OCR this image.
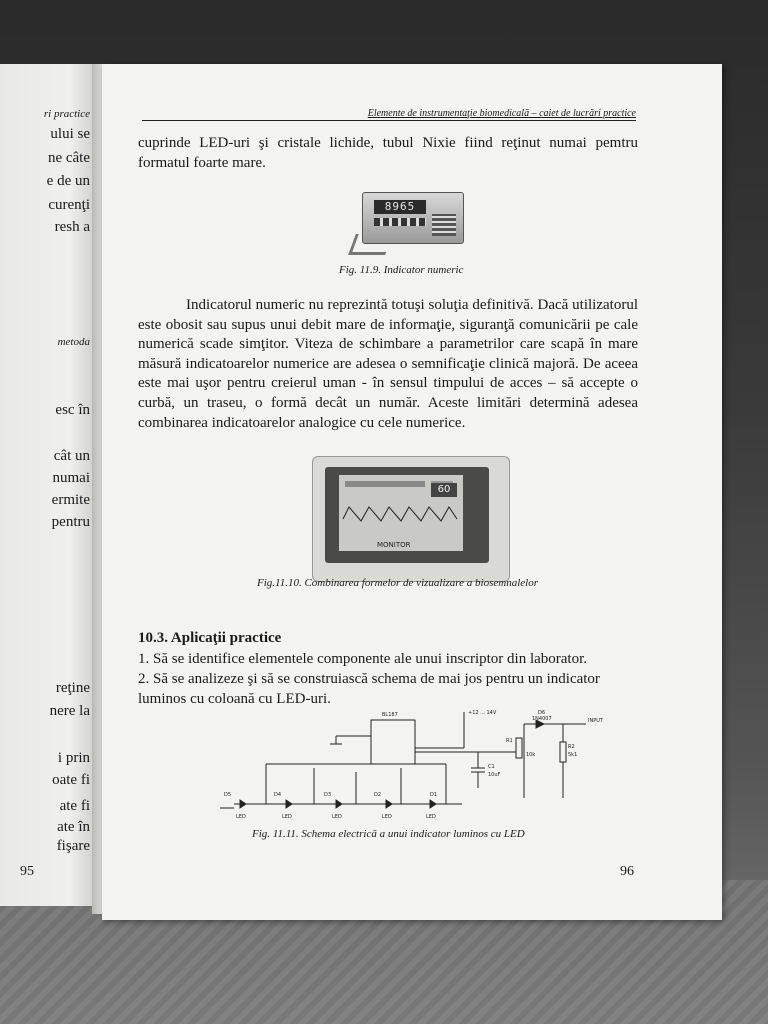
ri practice
ului se
ne câte
e de un
curenţi
resh a
metoda
esc în
cât un
numai
ermite
pentru
reţine
nere la
i prin
oate fi
ate fi
ate în
fişare
95
Elemente de instrumentaţie biomedicală – caiet de lucrări practice
cuprinde LED-uri şi cristale lichide, tubul Nixie fiind reţinut numai pemtru formatul foarte mare.
8965
Fig. 11.9. Indicator numeric
Indicatorul numeric nu reprezintă totuşi soluţia definitivă. Dacă utilizatorul este obosit sau supus unui debit mare de informaţie, siguranţă comunicării pe cale numerică scade simţitor. Viteza de schimbare a parametrilor care scapă în mare măsură indicatoarelor numerice are adesea o semnificaţie clinică majoră. De aceea este mai uşor pentru creierul uman - în sensul timpului de acces – să accepte o curbă, un traseu, o formă decât un număr. Aceste limitări determină adesea combinarea indicatoarelor analogice cu cele numerice.
60
MONITOR
Fig.11.10. Combinarea formelor de vizualizare a biosemnalelor
10.3. Aplicaţii practice
1. Să se identifice elementele componente ale unui inscriptor din laborator.
2. Să se analizeze şi să se construiască schema de mai jos pentru un indicator luminos cu coloană cu LED-uri.
BL187	+12 ... 14V	D6
1N4007	INPUT
R1
10k
R2
5k1
C1
10uF
D5	D4	D3	D2	D1
LED	LED	LED	LED	LED
Fig. 11.11. Schema electrică a unui indicator luminos cu LED
96
